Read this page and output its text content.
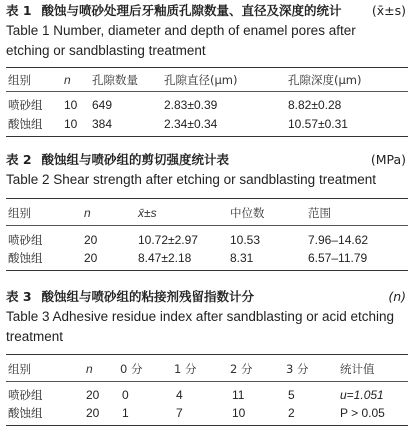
表 1 酸蚀与喷砂处理后牙釉质孔隙数量、直径及深度的统计 (x̄±s)
Table 1 Number, diameter and depth of enamel pores after etching or sandblasting treatment
组别	n 孔隙数量 孔隙直径(μm)	孔隙深度(μm)
喷砂组 10 649	2.83±0.39	8.82±0.28
酸蚀组 10 384	2.34±0.34	10.57±0.31
表 2 酸蚀组与喷砂组的剪切强度统计表	(MPa)
Table 2 Shear strength after etching or sandblasting treatment
组别	n	x̄±s	中位数	范围
喷砂组	20	10.72±2.97	10.53	7.96–14.62
酸蚀组	20	8.47±2.18	8.31	6.57–11.79
表 3 酸蚀组与喷砂组的粘接剂残留指数计分	(n)
Table 3 Adhesive residue index after sandblasting or acid etching treatment
组别	n 0 分	1 分	2 分	3 分	统计值
喷砂组	20 0	4	11	5	u=1.051
酸蚀组	20 1	7	10	2	P > 0.05
